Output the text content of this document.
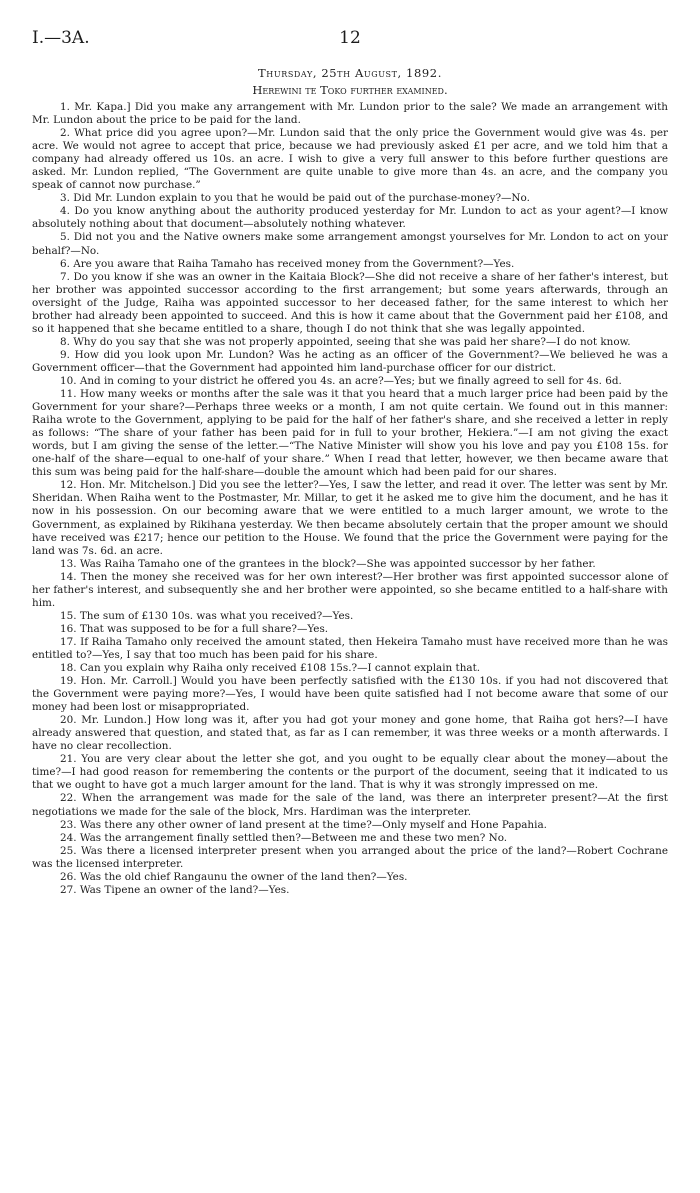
I.—3A.	12
Thursday, 25th August, 1892.
Herewini te Toko further examined.

1. Mr. Kapa.] Did you make any arrangement with Mr. Lundon prior to the sale? We made an arrangement with Mr. Lundon about the price to be paid for the land.

2. What price did you agree upon?—Mr. Lundon said that the only price the Government would give was 4s. per acre. We would not agree to accept that price, because we had previously asked £1 per acre, and we told him that a company had already offered us 10s. an acre. I wish to give a very full answer to this before further questions are asked. Mr. Lundon replied, “The Government are quite unable to give more than 4s. an acre, and the company you speak of cannot now purchase.”

3. Did Mr. Lundon explain to you that he would be paid out of the purchase-money?—No.

4. Do you know anything about the authority produced yesterday for Mr. Lundon to act as your agent?—I know absolutely nothing about that document—absolutely nothing whatever.

5. Did not you and the Native owners make some arrangement amongst yourselves for Mr. London to act on your behalf?—No.

6. Are you aware that Raiha Tamaho has received money from the Government?—Yes.

7. Do you know if she was an owner in the Kaitaia Block?—She did not receive a share of her father's interest, but her brother was appointed successor according to the first arrangement; but some years afterwards, through an oversight of the Judge, Raiha was appointed successor to her deceased father, for the same interest to which her brother had already been appointed to succeed. And this is how it came about that the Government paid her £108, and so it happened that she became entitled to a share, though I do not think that she was legally appointed.

8. Why do you say that she was not properly appointed, seeing that she was paid her share?—I do not know.

9. How did you look upon Mr. Lundon? Was he acting as an officer of the Government?—We believed he was a Government officer—that the Government had appointed him land-purchase officer for our district.

10. And in coming to your district he offered you 4s. an acre?—Yes; but we finally agreed to sell for 4s. 6d.

11. How many weeks or months after the sale was it that you heard that a much larger price had been paid by the Government for your share?—Perhaps three weeks or a month, I am not quite certain. We found out in this manner: Raiha wrote to the Government, applying to be paid for the half of her father's share, and she received a letter in reply as follows: “The share of your father has been paid for in full to your brother, Hekiera.”—I am not giving the exact words, but I am giving the sense of the letter.—“The Native Minister will show you his love and pay you £108 15s. for one-half of the share—equal to one-half of your share.” When I read that letter, however, we then became aware that this sum was being paid for the half-share—double the amount which had been paid for our shares.

12. Hon. Mr. Mitchelson.] Did you see the letter?—Yes, I saw the letter, and read it over. The letter was sent by Mr. Sheridan. When Raiha went to the Postmaster, Mr. Millar, to get it he asked me to give him the document, and he has it now in his possession. On our becoming aware that we were entitled to a much larger amount, we wrote to the Government, as explained by Rikihana yesterday. We then became absolutely certain that the proper amount we should have received was £217; hence our petition to the House. We found that the price the Government were paying for the land was 7s. 6d. an acre.

13. Was Raiha Tamaho one of the grantees in the block?—She was appointed successor by her father.

14. Then the money she received was for her own interest?—Her brother was first appointed successor alone of her father's interest, and subsequently she and her brother were appointed, so she became entitled to a half-share with him.

15. The sum of £130 10s. was what you received?—Yes.

16. That was supposed to be for a full share?—Yes.

17. If Raiha Tamaho only received the amount stated, then Hekeira Tamaho must have received more than he was entitled to?—Yes, I say that too much has been paid for his share.

18. Can you explain why Raiha only received £108 15s.?—I cannot explain that.

19. Hon. Mr. Carroll.] Would you have been perfectly satisfied with the £130 10s. if you had not discovered that the Government were paying more?—Yes, I would have been quite satisfied had I not become aware that some of our money had been lost or misappropriated.

20. Mr. Lundon.] How long was it, after you had got your money and gone home, that Raiha got hers?—I have already answered that question, and stated that, as far as I can remember, it was three weeks or a month afterwards. I have no clear recollection.

21. You are very clear about the letter she got, and you ought to be equally clear about the money—about the time?—I had good reason for remembering the contents or the purport of the document, seeing that it indicated to us that we ought to have got a much larger amount for the land. That is why it was strongly impressed on me.

22. When the arrangement was made for the sale of the land, was there an interpreter present?—At the first negotiations we made for the sale of the block, Mrs. Hardiman was the interpreter.

23. Was there any other owner of land present at the time?—Only myself and Hone Papahia.

24. Was the arrangement finally settled then?—Between me and these two men? No.

25. Was there a licensed interpreter present when you arranged about the price of the land?—Robert Cochrane was the licensed interpreter.

26. Was the old chief Rangaunu the owner of the land then?—Yes.

27. Was Tipene an owner of the land?—Yes.
